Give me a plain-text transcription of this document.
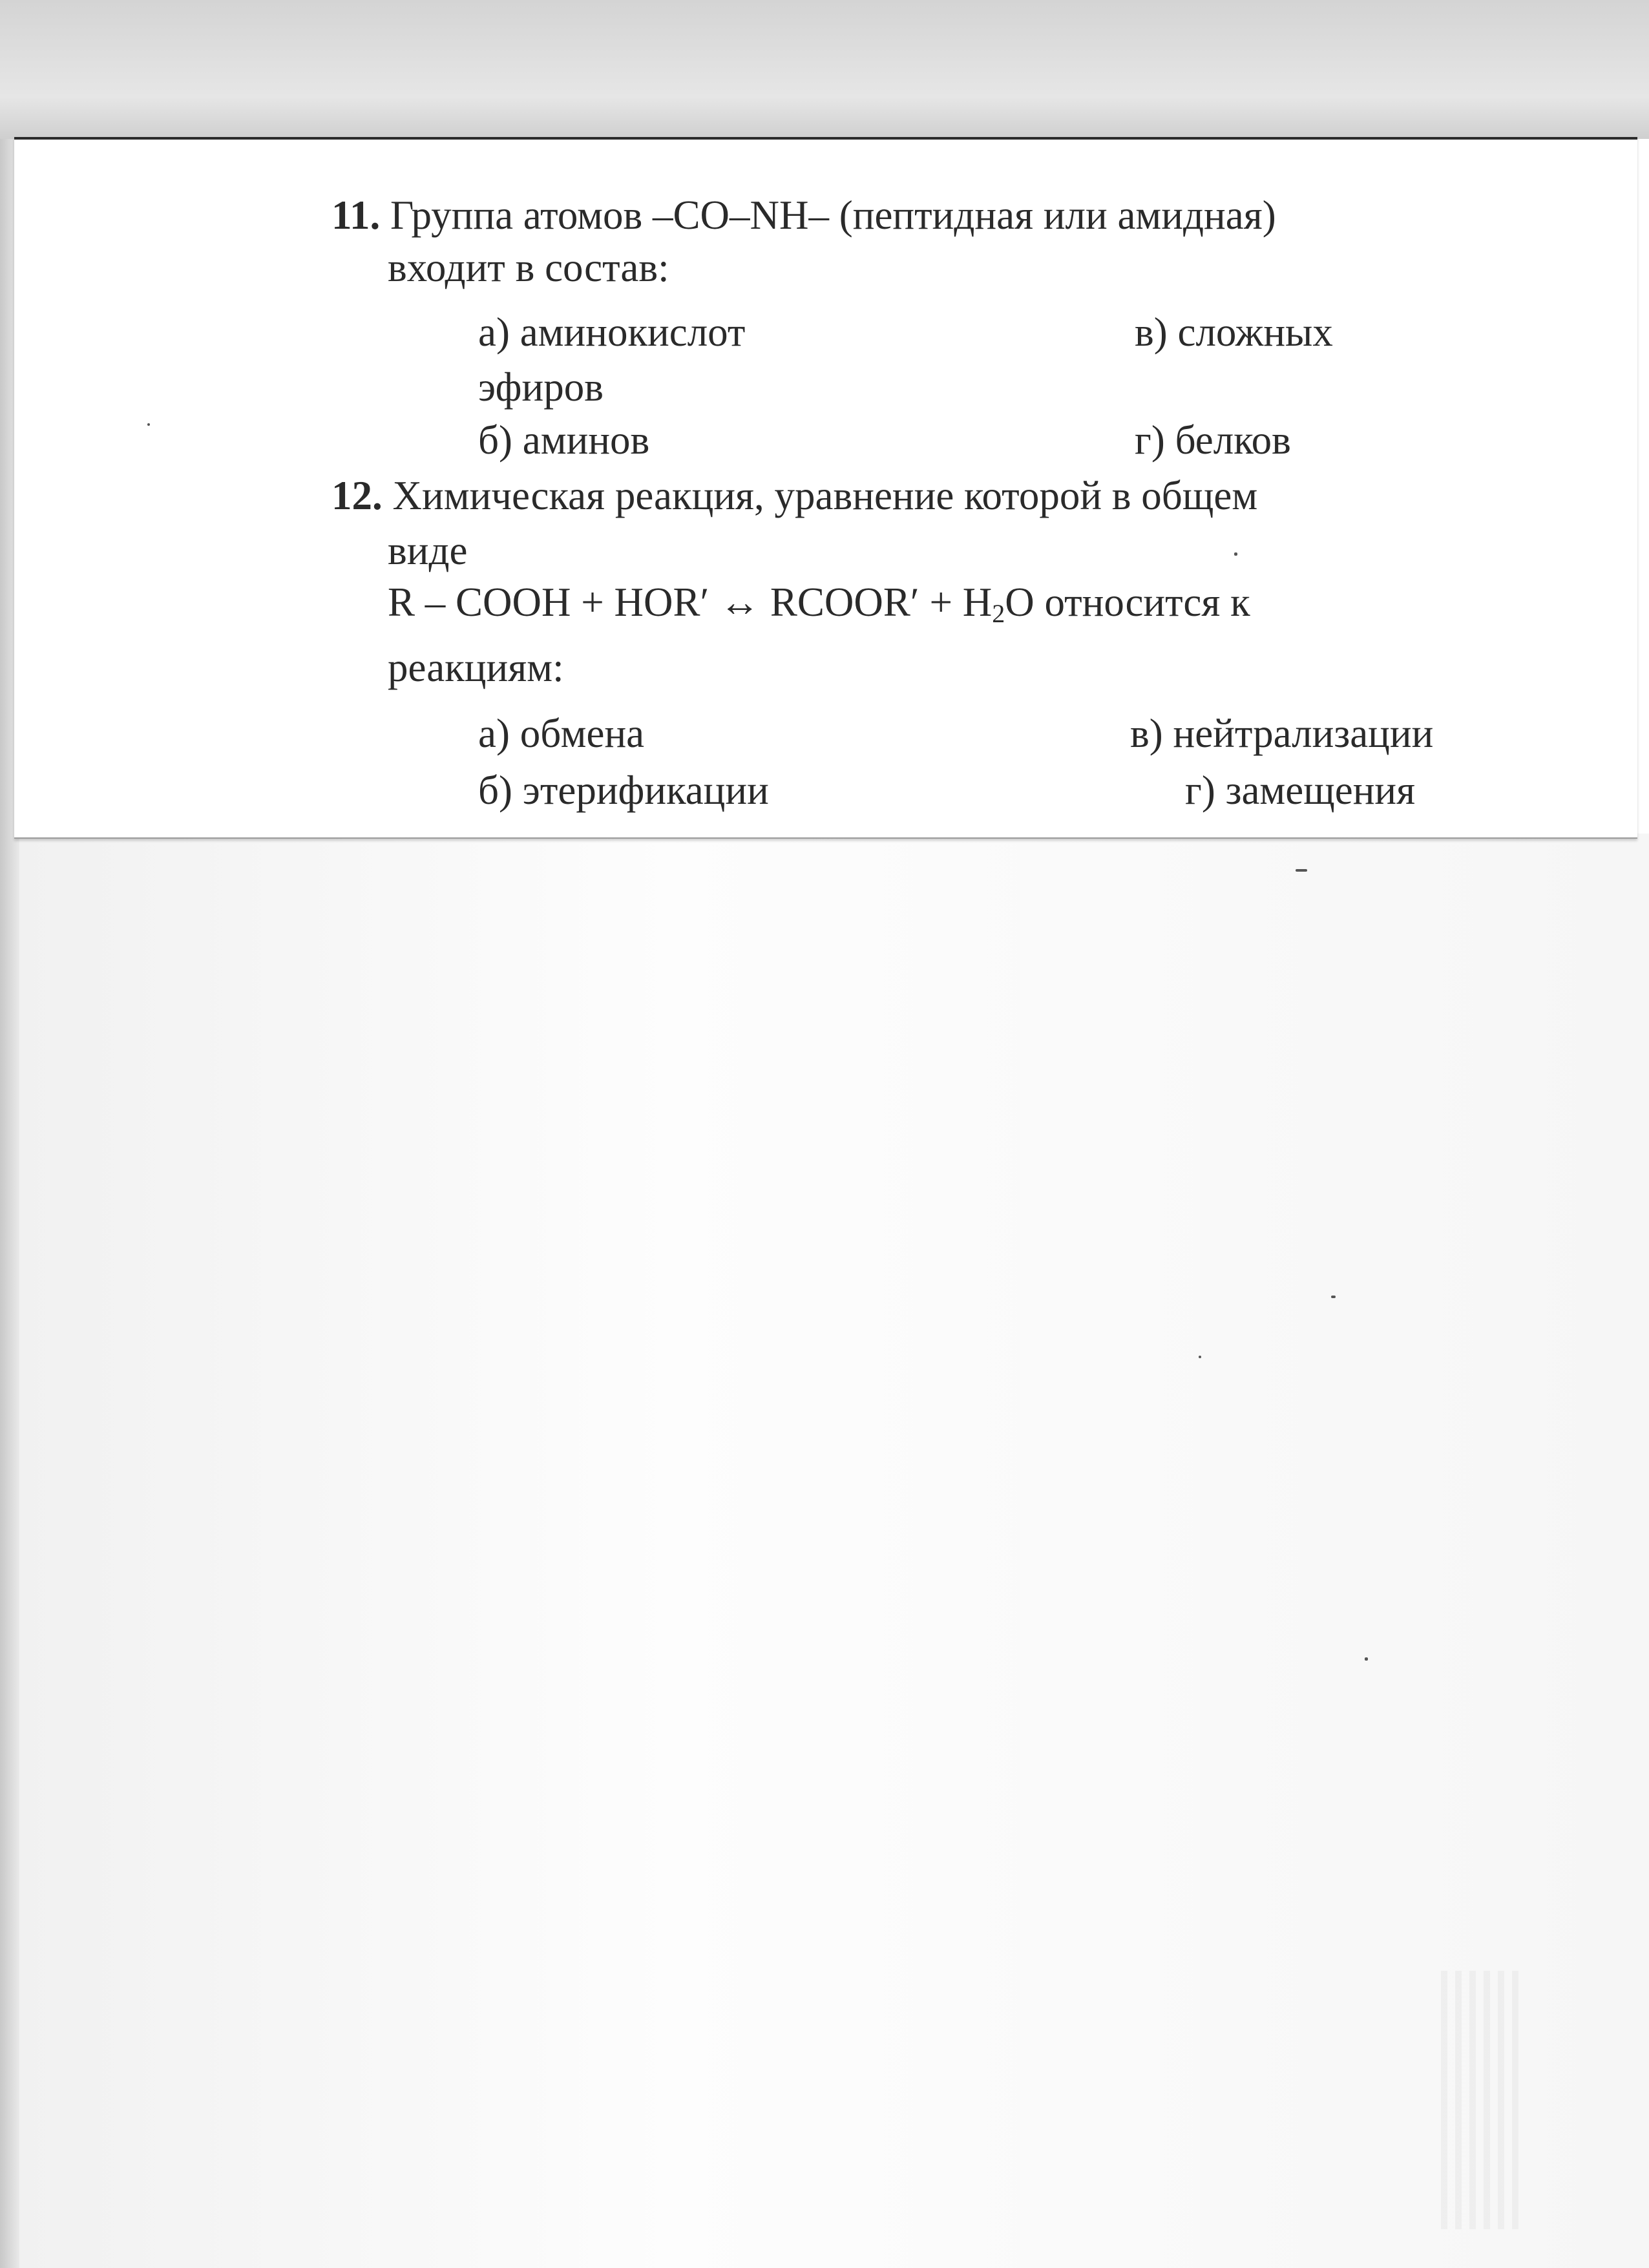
11. Группа атомов –CO–NH– (пептидная или амидная)
входит в состав:
а) аминокислот	в) сложных
эфиров
б) аминов	г) белков
12. Химическая реакция, уравнение которой в общем
виде
R – COOH + HOR′ ↔ RCOOR′ + $H_2O$ относится к
реакциям:
а) обмена	в) нейтрализации
б) этерификации	г) замещения
